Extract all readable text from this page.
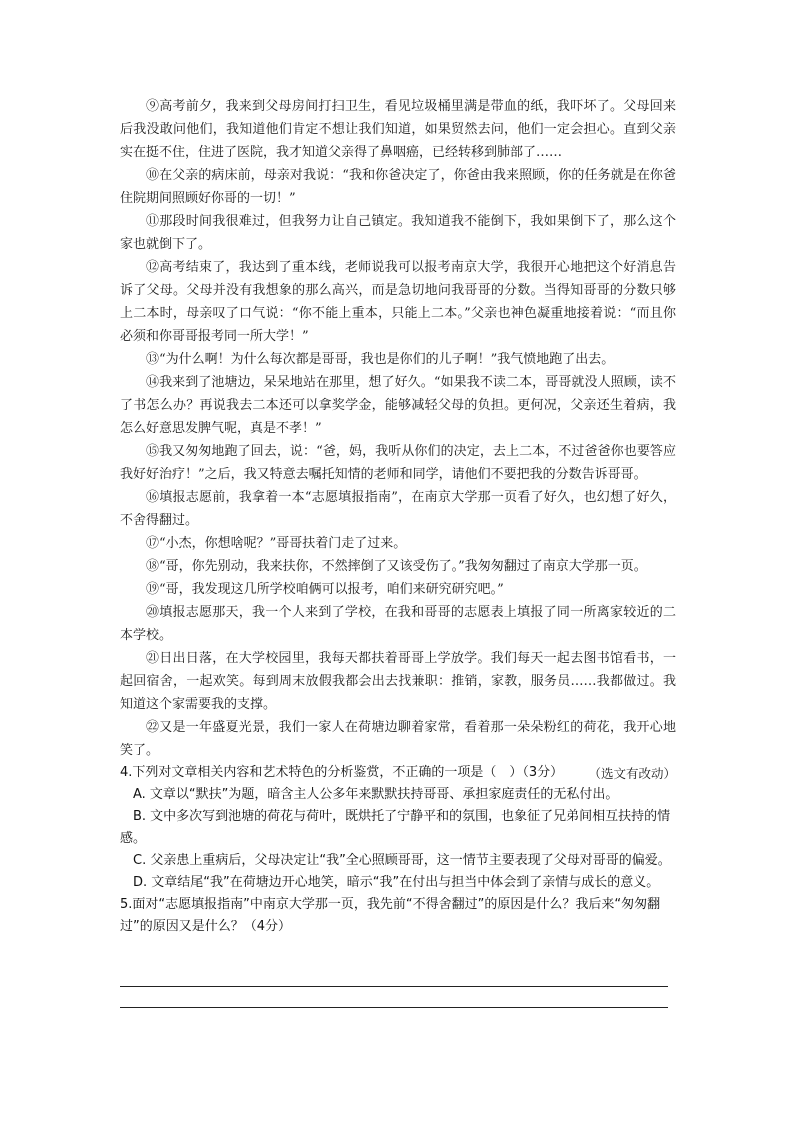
⑨高考前夕，我来到父母房间打扫卫生，看见垃圾桶里满是带血的纸，我吓坏了。父母回来后我没敢问他们，我知道他们肯定不想让我们知道，如果贸然去问，他们一定会担心。直到父亲实在挺不住，住进了医院，我才知道父亲得了鼻咽癌，已经转移到肺部了……

⑩在父亲的病床前，母亲对我说：“我和你爸决定了，你爸由我来照顾，你的任务就是在你爸住院期间照顾好你哥的一切！”

⑪那段时间我很难过，但我努力让自己镇定。我知道我不能倒下，我如果倒下了，那么这个家也就倒下了。

⑫高考结束了，我达到了重本线，老师说我可以报考南京大学，我很开心地把这个好消息告诉了父母。父母并没有我想象的那么高兴，而是急切地问我哥哥的分数。当得知哥哥的分数只够上二本时，母亲叹了口气说：“你不能上重本，只能上二本。”父亲也神色凝重地接着说：“而且你必须和你哥哥报考同一所大学！”

⑬“为什么啊！为什么每次都是哥哥，我也是你们的儿子啊！”我气愤地跑了出去。

⑭我来到了池塘边，呆呆地站在那里，想了好久。“如果我不读二本，哥哥就没人照顾，读不了书怎么办？再说我去二本还可以拿奖学金，能够减轻父母的负担。更何况，父亲还生着病，我怎么好意思发脾气呢，真是不孝！”

⑮我又匆匆地跑了回去，说：“爸，妈，我听从你们的决定，去上二本，不过爸爸你也要答应我好好治疗！”之后，我又特意去嘱托知情的老师和同学，请他们不要把我的分数告诉哥哥。

⑯填报志愿前，我拿着一本“志愿填报指南”，在南京大学那一页看了好久，也幻想了好久，不舍得翻过。

⑰“小杰，你想啥呢？”哥哥扶着门走了过来。

⑱“哥，你先别动，我来扶你，不然摔倒了又该受伤了。”我匆匆翻过了南京大学那一页。

⑲“哥，我发现这几所学校咱俩可以报考，咱们来研究研究吧。”

⑳填报志愿那天，我一个人来到了学校，在我和哥哥的志愿表上填报了同一所离家较近的二本学校。

㉑日出日落，在大学校园里，我每天都扶着哥哥上学放学。我们每天一起去图书馆看书，一起回宿舍，一起欢笑。每到周末放假我都会出去找兼职：推销，家教，服务员……我都做过。我知道这个家需要我的支撑。

㉒又是一年盛夏光景，我们一家人在荷塘边聊着家常，看着那一朵朵粉红的荷花，我开心地笑了。

（选文有改动）

4.下列对文章相关内容和艺术特色的分析鉴赏，不正确的一项是（　）（3分）

A. 文章以“默扶”为题，暗含主人公多年来默默扶持哥哥、承担家庭责任的无私付出。

B. 文中多次写到池塘的荷花与荷叶，既烘托了宁静平和的氛围，也象征了兄弟间相互扶持的情感。

C. 父亲患上重病后，父母决定让“我”全心照顾哥哥，这一情节主要表现了父母对哥哥的偏爱。

D. 文章结尾“我”在荷塘边开心地笑，暗示“我”在付出与担当中体会到了亲情与成长的意义。

5.面对“志愿填报指南”中南京大学那一页，我先前“不得舍翻过”的原因是什么？我后来“匆匆翻过”的原因又是什么？（4分）
